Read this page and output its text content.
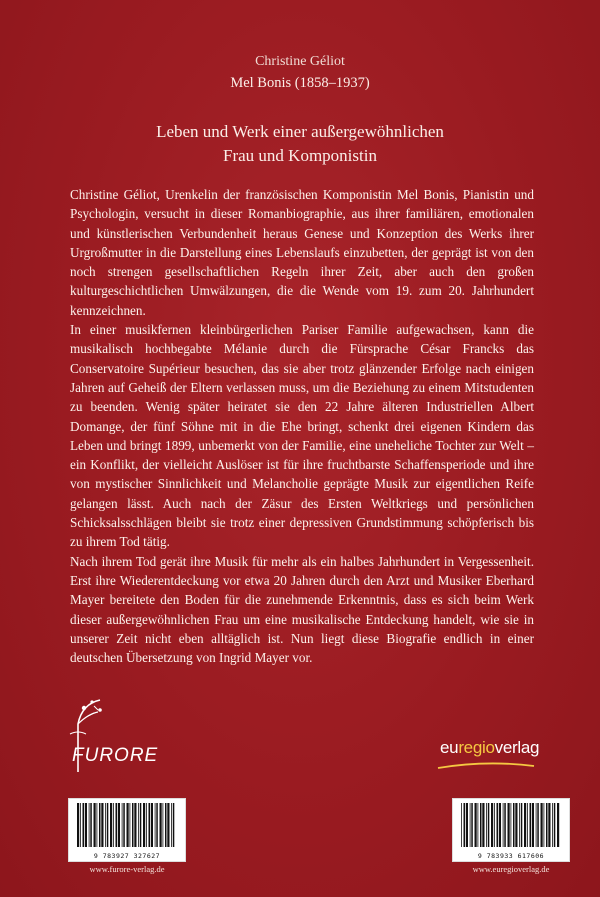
Christine Géliot
Mel Bonis (1858–1937)
Leben und Werk einer außergewöhnlichen
Frau und Komponistin

Christine Géliot, Urenkelin der französischen Komponistin Mel Bonis, Pianistin und Psychologin, versucht in dieser Romanbiographie, aus ihrer familiären, emotionalen und künstlerischen Verbundenheit heraus Genese und Konzeption des Werks ihrer Urgroßmutter in die Darstellung eines Lebenslaufs einzubetten, der geprägt ist von den noch strengen gesellschaftlichen Regeln ihrer Zeit, aber auch den großen kulturgeschichtlichen Umwälzungen, die die Wende vom 19. zum 20. Jahrhundert kennzeichnen.

In einer musikfernen kleinbürgerlichen Pariser Familie aufgewachsen, kann die musikalisch hochbegabte Mélanie durch die Fürsprache César Francks das Conservatoire Supérieur besuchen, das sie aber trotz glänzender Erfolge nach einigen Jahren auf Geheiß der Eltern verlassen muss, um die Beziehung zu einem Mitstudenten zu beenden. Wenig später heiratet sie den 22 Jahre älteren Industriellen Albert Domange, der fünf Söhne mit in die Ehe bringt, schenkt drei eigenen Kindern das Leben und bringt 1899, unbemerkt von der Familie, eine uneheliche Tochter zur Welt – ein Konflikt, der vielleicht Auslöser ist für ihre fruchtbarste Schaffensperiode und ihre von mystischer Sinnlichkeit und Melancholie geprägte Musik zur eigentlichen Reife gelangen lässt. Auch nach der Zäsur des Ersten Weltkriegs und persönlichen Schicksalsschlägen bleibt sie trotz einer depressiven Grundstimmung schöpferisch bis zu ihrem Tod tätig.

Nach ihrem Tod gerät ihre Musik für mehr als ein halbes Jahrhundert in Vergessenheit. Erst ihre Wiederentdeckung vor etwa 20 Jahren durch den Arzt und Musiker Eberhard Mayer bereitete den Boden für die zunehmende Erkenntnis, dass es sich beim Werk dieser außergewöhnlichen Frau um eine musikalische Entdeckung handelt, wie sie in unserer Zeit nicht eben alltäglich ist. Nun liegt diese Biografie endlich in einer deutschen Übersetzung von Ingrid Mayer vor.

FURORE	euregioverlag
9 783927 327627	9 783933 617606
www.furore-verlag.de	www.euregioverlag.de
